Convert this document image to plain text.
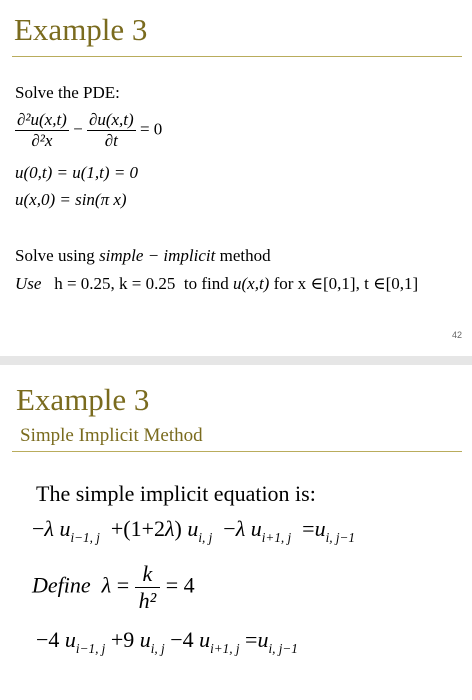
Example 3
Solve the PDE:
$\frac{\text{∂²u(x,t)}}{\text{∂²x}} - \frac{\partial u(x,t)}{\partial t} = 0$
u(0,t) = u(1,t) = 0
u(x,0) = sin(π x)
Solve using simple − implicit method
Use h = 0.25, k = 0.25 to find u(x,t) for x ∈[0,1], t ∈[0,1]
42
Example 3
Simple Implicit Method
The simple implicit equation is:
−λ $u_{i-1, j} +(1+2\lambda)$ $u_{i, j} -\lambda$ $u_{i+1, j} =u_{i, j-1}$
Define $\lambda = \frac{k}{\text{h²}} = 4$
−4 $u_{i-1, j} +9$ $u_{i, j} -4$ $u_{i+1, j} =u_{i, j-1}$
